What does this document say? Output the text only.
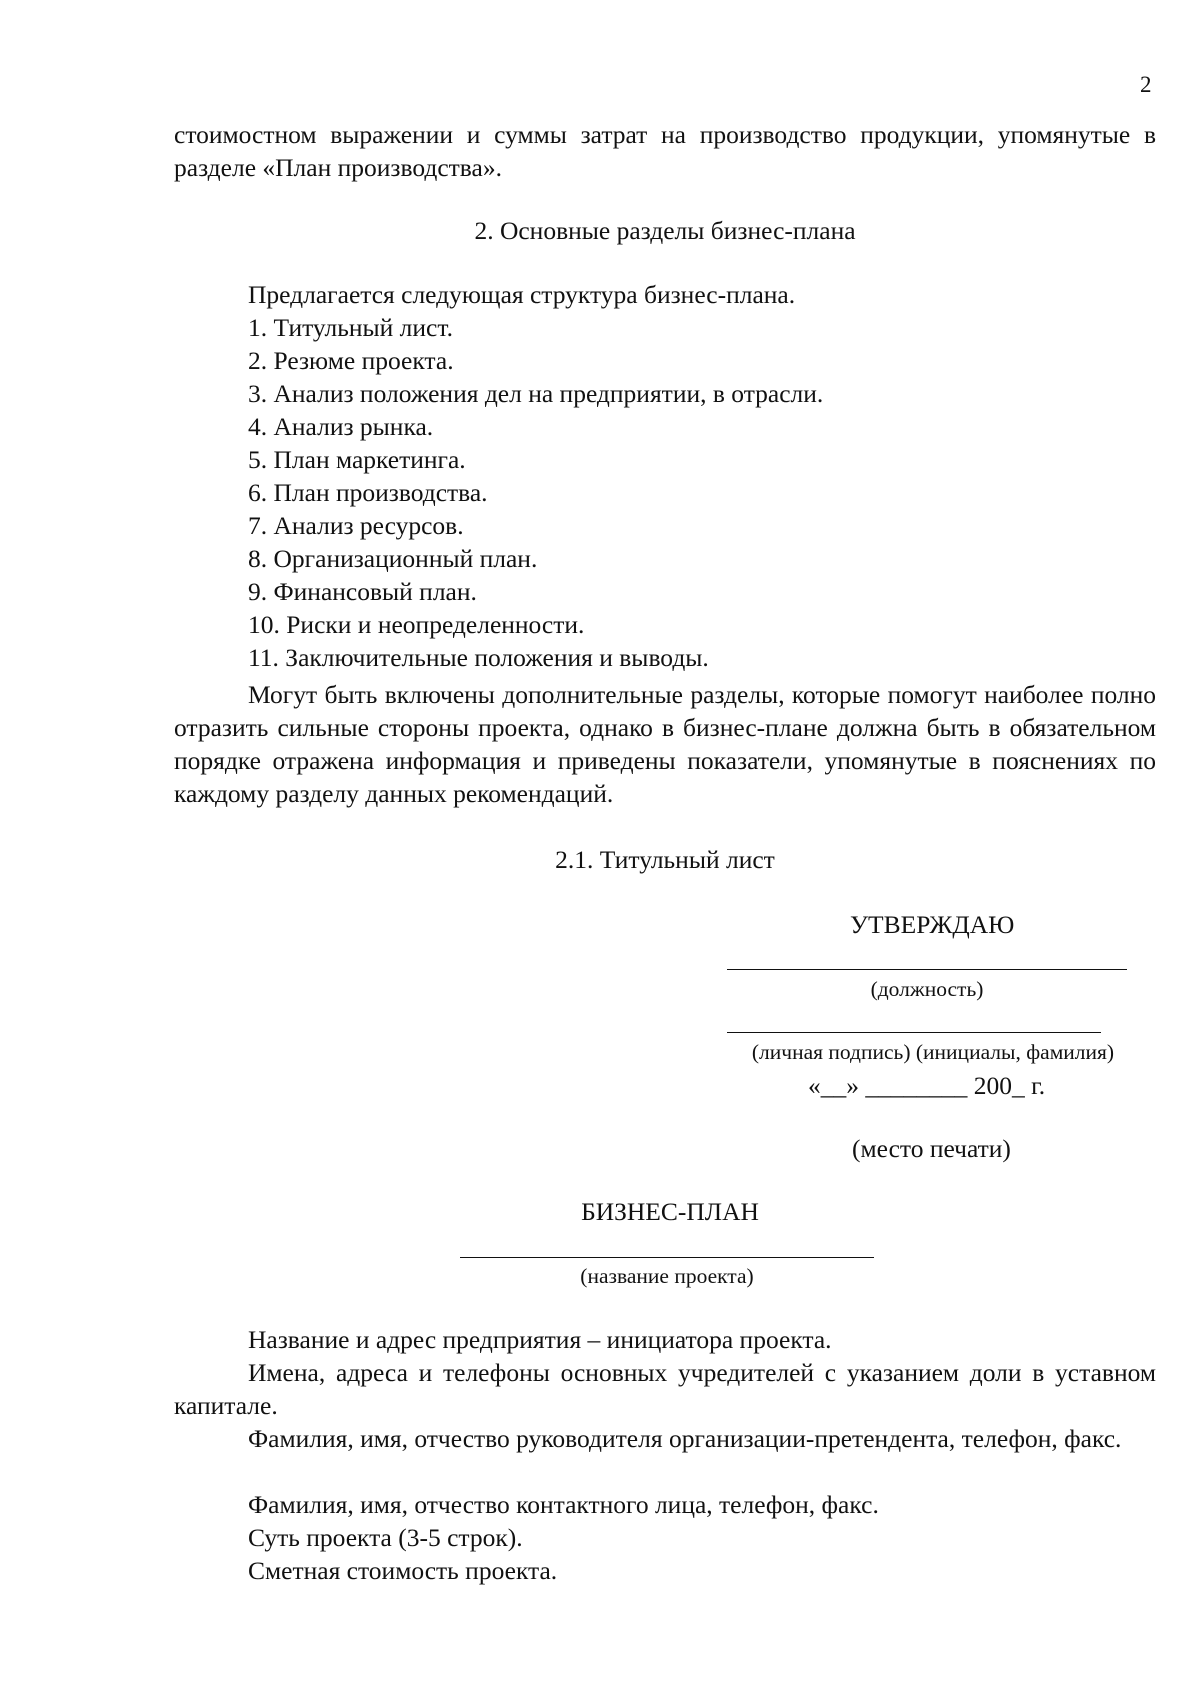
2

стоимостном выражении и суммы затрат на производство продукции, упомянутые в разделе «План производства».

2. Основные разделы бизнес-плана
Предлагается следующая структура бизнес-плана.
1. Титульный лист.
2. Резюме проекта.
3. Анализ положения дел на предприятии, в отрасли.
4. Анализ рынка.
5. План маркетинга.
6. План производства.
7. Анализ ресурсов.
8. Организационный план.
9. Финансовый план.
10. Риски и неопределенности.
11. Заключительные положения и выводы.

Могут быть включены дополнительные разделы, которые помогут наиболее полно отразить сильные стороны проекта, однако в бизнес-плане должна быть в обязательном порядке отражена информация и приведены показатели, упомянутые в пояснениях по каждому разделу данных рекомендаций.

2.1. Титульный лист
УТВЕРЖДАЮ
(должность)
(личная подпись) (инициалы, фамилия)
«__» ________ 200_ г.
(место печати)
БИЗНЕС-ПЛАН
(название проекта)

Название и адрес предприятия – инициатора проекта.

Имена, адреса и телефоны основных учредителей с указанием доли в уставном капитале.

Фамилия, имя, отчество руководителя организации-претендента, телефон, факс.

Фамилия, имя, отчество контактного лица, телефон, факс.

Суть проекта (3-5 строк).

Сметная стоимость проекта.
